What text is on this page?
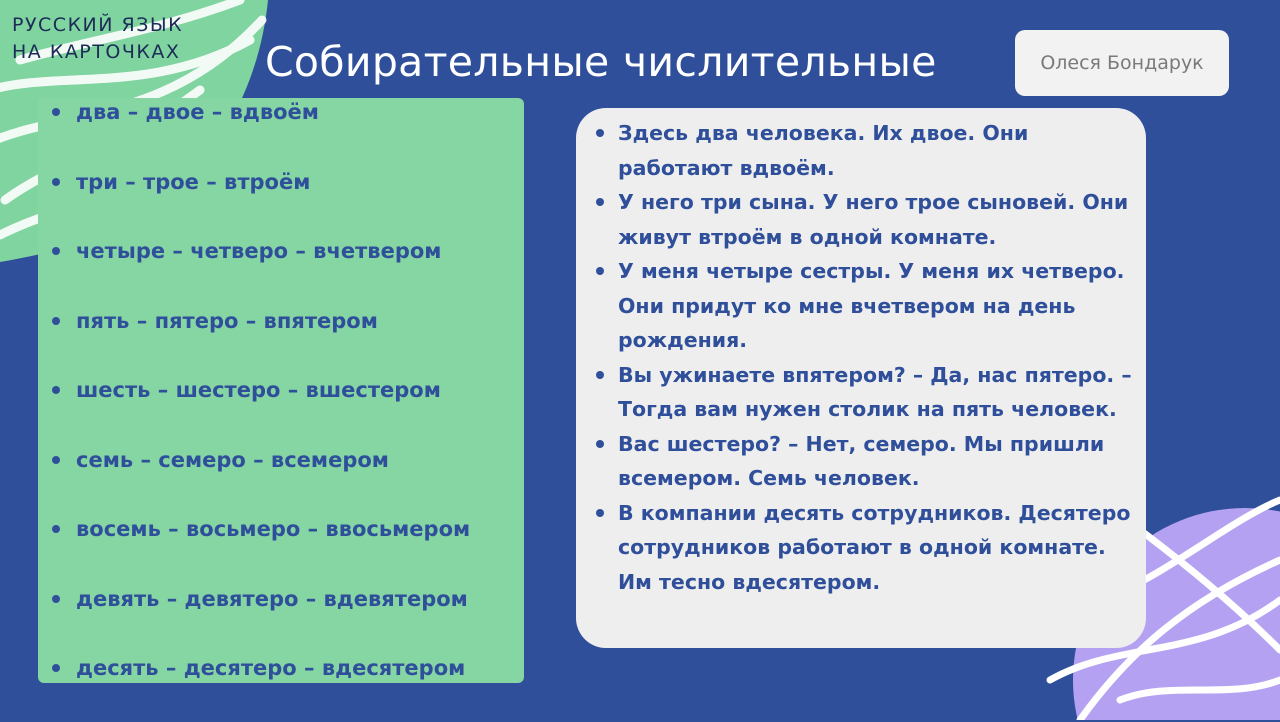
РУССКИЙ ЯЗЫК
НА КАРТОЧКАХ Собирательные числительные	Олеся Бондарук
два – двое – вдвоём
три – трое – втроём
четыре – четверо – вчетвером
пять – пятеро – впятером
шесть – шестеро – вшестером
семь – семеро – всемером
восемь – восьмеро – ввосьмером
девять – девятеро – вдевятером
десять – десятеро – вдесятером
Здесь два человека. Их двое. Они работают вдвоём.
У него три сына. У него трое сыновей. Они живут втроём в одной комнате.
У меня четыре сестры. У меня их четверо. Они придут ко мне вчетвером на день рождения.
Вы ужинаете впятером? – Да, нас пятеро. – Тогда вам нужен столик на пять человек.
Вас шестеро? – Нет, семеро. Мы пришли всемером. Семь человек.
В компании десять сотрудников. Десятеро сотрудников работают в одной комнате. Им тесно вдесятером.
